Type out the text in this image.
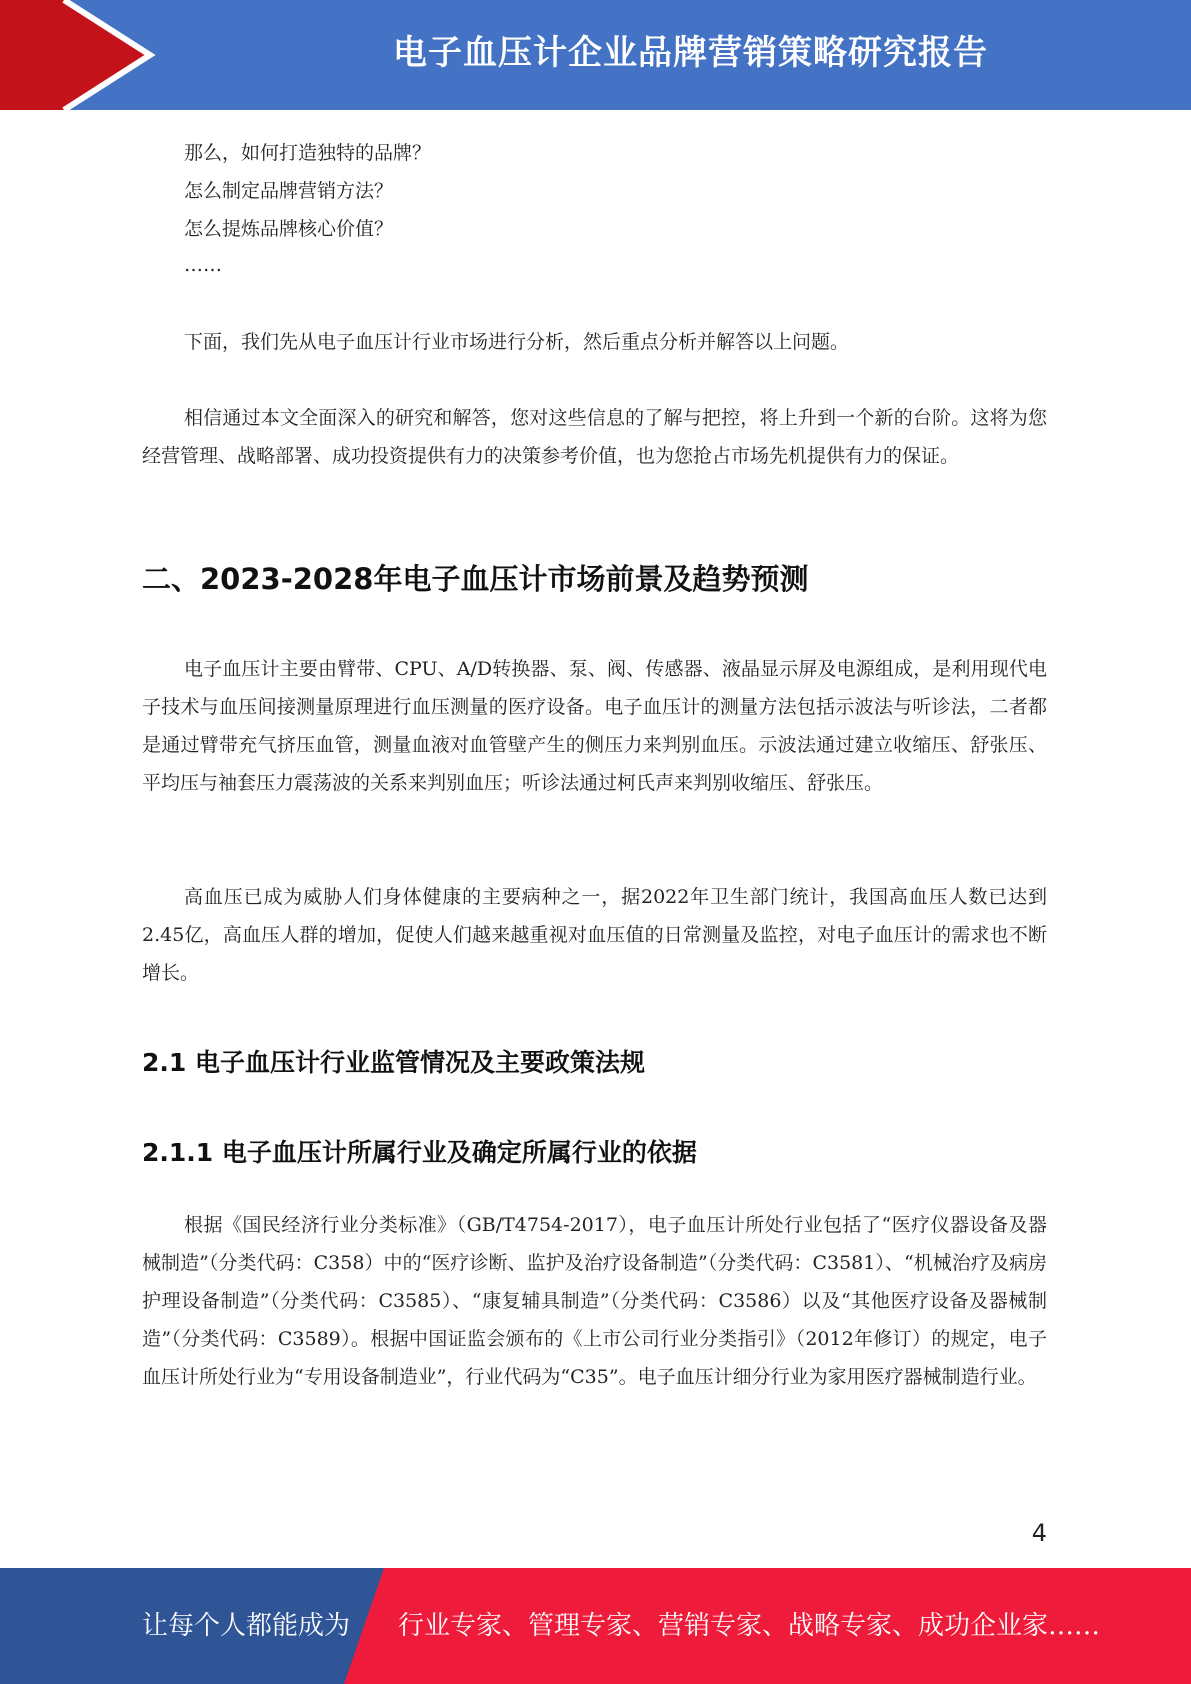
电子血压计企业品牌营销策略研究报告
那么，如何打造独特的品牌？
怎么制定品牌营销方法？
怎么提炼品牌核心价值？
……
下面，我们先从电子血压计行业市场进行分析，然后重点分析并解答以上问题。
相信通过本文全面深入的研究和解答，您对这些信息的了解与把控，将上升到一个新的台阶。这将为您经营管理、战略部署、成功投资提供有力的决策参考价值，也为您抢占市场先机提供有力的保证。
二、2023-2028年电子血压计市场前景及趋势预测
电子血压计主要由臂带、CPU、A/D转换器、泵、阀、传感器、液晶显示屏及电源组成，是利用现代电子技术与血压间接测量原理进行血压测量的医疗设备。电子血压计的测量方法包括示波法与听诊法，二者都是通过臂带充气挤压血管，测量血液对血管壁产生的侧压力来判别血压。示波法通过建立收缩压、舒张压、平均压与袖套压力震荡波的关系来判别血压；听诊法通过柯氏声来判别收缩压、舒张压。
高血压已成为威胁人们身体健康的主要病种之一，据2022年卫生部门统计，我国高血压人数已达到2.45亿，高血压人群的增加，促使人们越来越重视对血压值的日常测量及监控，对电子血压计的需求也不断增长。
2.1 电子血压计行业监管情况及主要政策法规
2.1.1 电子血压计所属行业及确定所属行业的依据
根据《国民经济行业分类标准》（GB/T4754-2017），电子血压计所处行业包括了“医疗仪器设备及器械制造”（分类代码：C358）中的“医疗诊断、监护及治疗设备制造”（分类代码：C3581）、“机械治疗及病房护理设备制造”（分类代码：C3585）、“康复辅具制造”（分类代码：C3586）以及“其他医疗设备及器械制造”（分类代码：C3589）。根据中国证监会颁布的《上市公司行业分类指引》（2012年修订）的规定，电子血压计所处行业为“专用设备制造业”，行业代码为“C35”。电子血压计细分行业为家用医疗器械制造行业。
4
让每个人都能成为 行业专家、管理专家、营销专家、战略专家、成功企业家……
